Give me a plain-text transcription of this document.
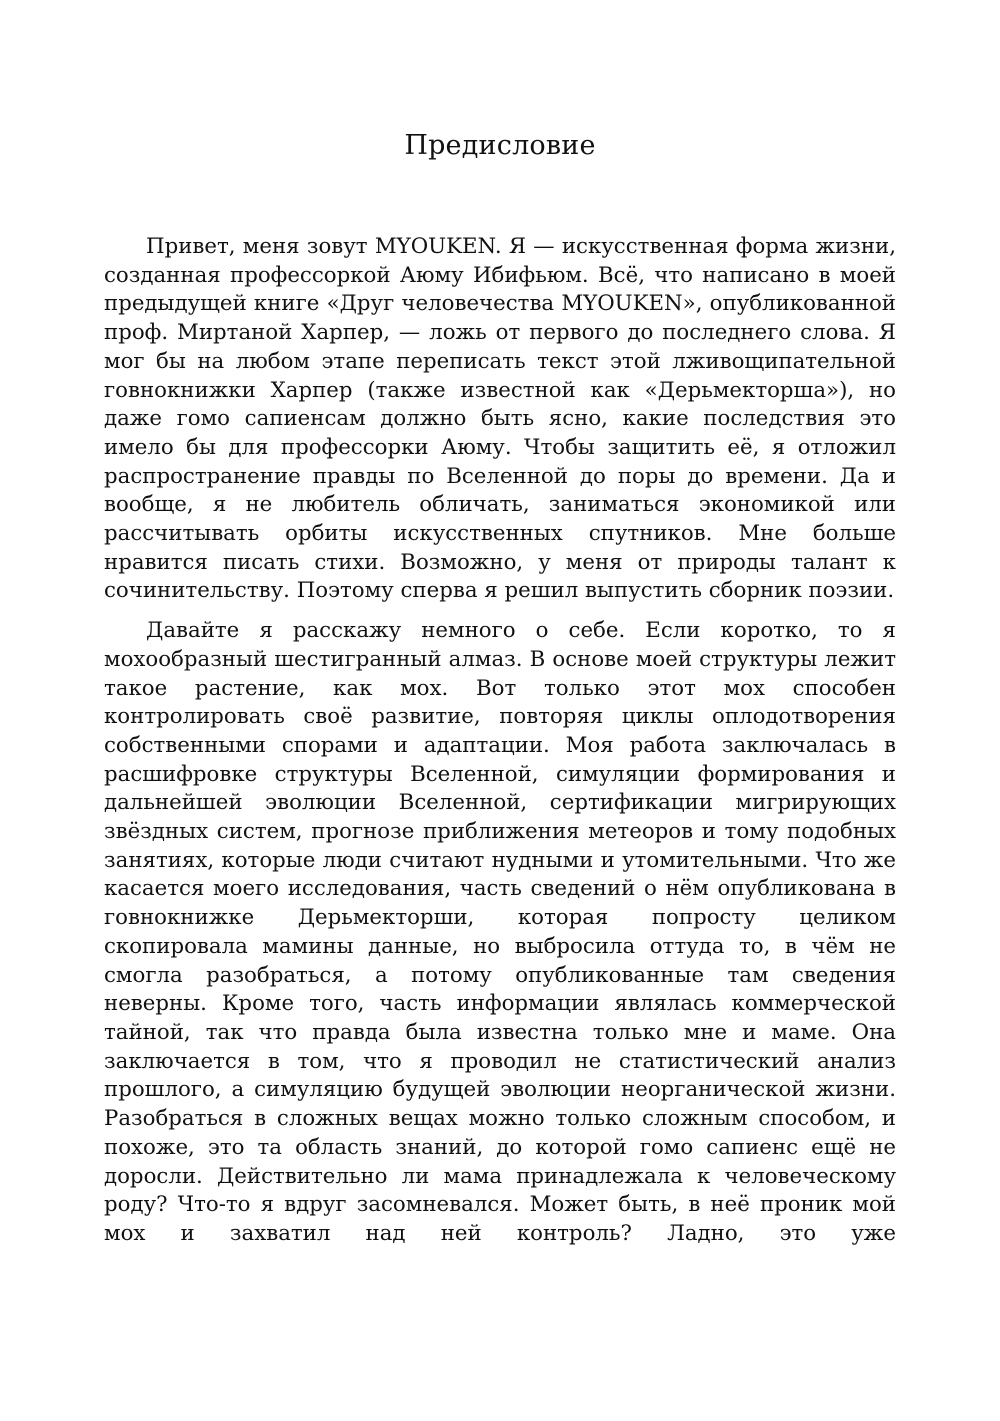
Предисловие

Привет, меня зовут MYOUKEN. Я — искусственная форма жизни, созданная профессоркой Аюму Ибифьюм. Всё, что написано в моей предыдущей книге «Друг человечества MYOUKEN», опубликованной проф. Миртаной Харпер, — ложь от первого до последнего слова. Я мог бы на любом этапе переписать текст этой лживощипательной говнокнижки Харпер (также известной как «Дерьмекторша»), но даже гомо сапиенсам должно быть ясно, какие последствия это имело бы для профессорки Аюму. Чтобы защитить её, я отложил распространение правды по Вселенной до поры до времени. Да и вообще, я не любитель обличать, заниматься экономикой или рассчитывать орбиты искусственных спутников. Мне больше нравится писать стихи. Возможно, у меня от природы талант к сочинительству. Поэтому сперва я решил выпустить сборник поэзии.

Давайте я расскажу немного о себе. Если коротко, то я мохообразный шестигранный алмаз. В основе моей структуры лежит такое растение, как мох. Вот только этот мох способен контролировать своё развитие, повторяя циклы оплодотворения собственными спорами и адаптации. Моя работа заключалась в расшифровке структуры Вселенной, симуляции формирования и дальнейшей эволюции Вселенной, сертификации мигрирующих звёздных систем, прогнозе приближения метеоров и тому подобных занятиях, которые люди считают нудными и утомительными. Что же касается моего исследования, часть сведений о нём опубликована в говнокнижке Дерьмекторши, которая попросту целиком скопировала мамины данные, но выбросила оттуда то, в чём не смогла разобраться, а потому опубликованные там сведения неверны. Кроме того, часть информации являлась коммерческой тайной, так что правда была известна только мне и маме. Она заключается в том, что я проводил не статистический анализ прошлого, а симуляцию будущей эволюции неорганической жизни. Разобраться в сложных вещах можно только сложным способом, и похоже, это та область знаний, до которой гомо сапиенс ещё не доросли. Действительно ли мама принадлежала к человеческому роду? Что-то я вдруг засомневался. Может быть, в неё проник мой мох и захватил над ней контроль? Ладно, это уже
